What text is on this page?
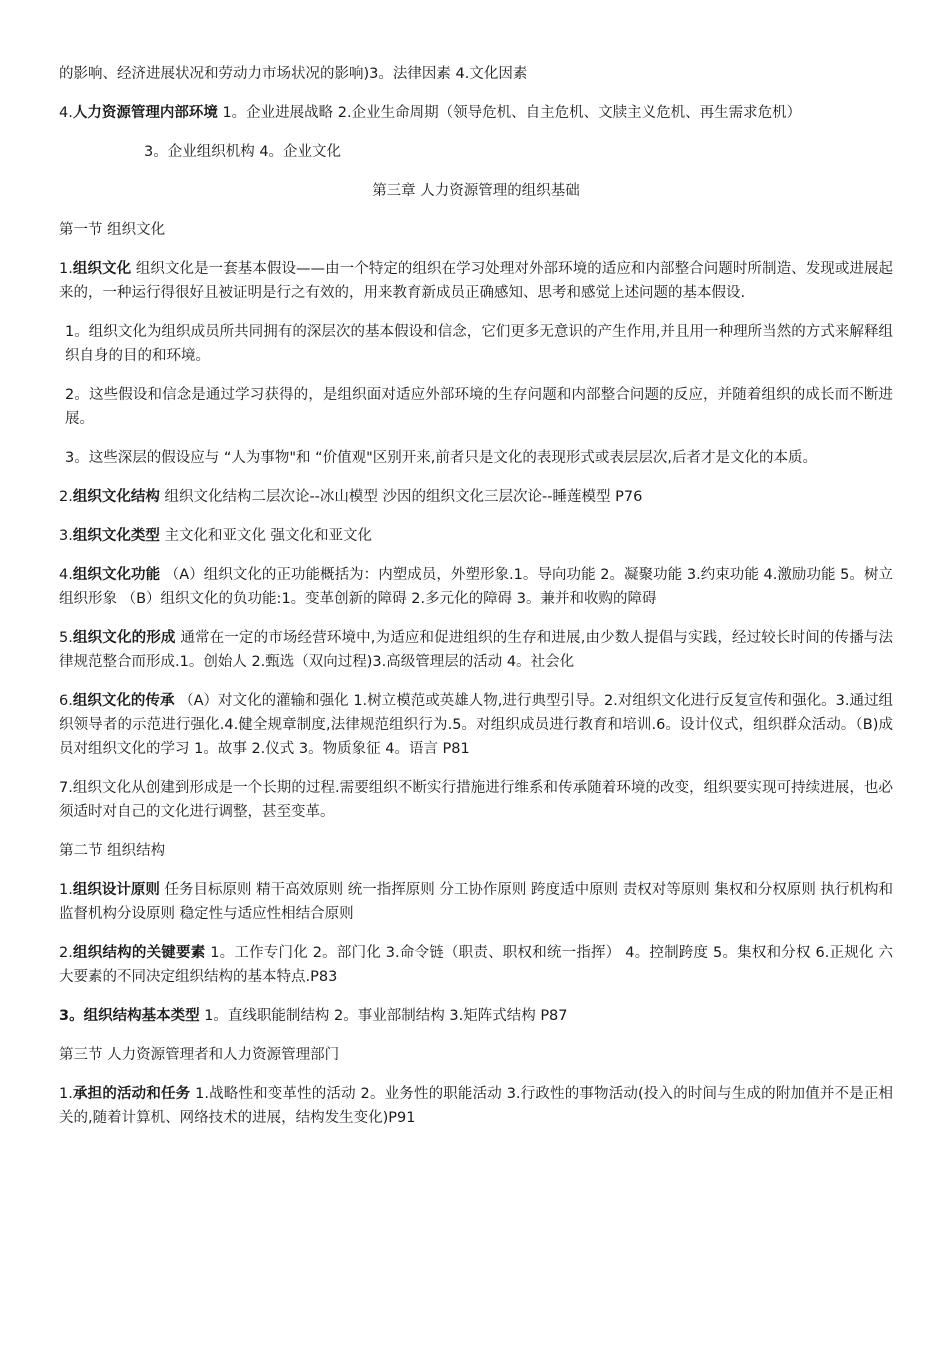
的影响、经济进展状况和劳动力市场状况的影响)3。法律因素 4.文化因素

4.人力资源管理内部环境 1。企业进展战略 2.企业生命周期（领导危机、自主危机、文牍主义危机、再生需求危机）

3。企业组织机构 4。企业文化

第三章 人力资源管理的组织基础

第一节 组织文化

1.组织文化 组织文化是一套基本假设——由一个特定的组织在学习处理对外部环境的适应和内部整合问题时所制造、发现或进展起来的，一种运行得很好且被证明是行之有效的，用来教育新成员正确感知、思考和感觉上述问题的基本假设.

1。组织文化为组织成员所共同拥有的深层次的基本假设和信念，它们更多无意识的产生作用,并且用一种理所当然的方式来解释组织自身的目的和环境。

2。这些假设和信念是通过学习获得的，是组织面对适应外部环境的生存问题和内部整合问题的反应，并随着组织的成长而不断进展。

3。这些深层的假设应与 “人为事物"和 “价值观"区别开来,前者只是文化的表现形式或表层层次,后者才是文化的本质。

2.组织文化结构 组织文化结构二层次论--冰山模型 沙因的组织文化三层次论--睡莲模型 P76

3.组织文化类型 主文化和亚文化 强文化和亚文化

4.组织文化功能 （A）组织文化的正功能概括为：内塑成员，外塑形象.1。导向功能 2。凝聚功能 3.约束功能 4.激励功能 5。树立组织形象 （B）组织文化的负功能:1。变革创新的障碍 2.多元化的障碍 3。兼并和收购的障碍

5.组织文化的形成 通常在一定的市场经营环境中,为适应和促进组织的生存和进展,由少数人提倡与实践，经过较长时间的传播与法律规范整合而形成.1。创始人 2.甄选（双向过程)3.高级管理层的活动 4。社会化

6.组织文化的传承 （A）对文化的灌输和强化 1.树立模范或英雄人物,进行典型引导。2.对组织文化进行反复宣传和强化。3.通过组织领导者的示范进行强化.4.健全规章制度,法律规范组织行为.5。对组织成员进行教育和培训.6。设计仪式，组织群众活动。（B)成员对组织文化的学习 1。故事 2.仪式 3。物质象征 4。语言 P81

7.组织文化从创建到形成是一个长期的过程.需要组织不断实行措施进行维系和传承随着环境的改变，组织要实现可持续进展，也必须适时对自己的文化进行调整，甚至变革。

第二节 组织结构

1.组织设计原则 任务目标原则 精干高效原则 统一指挥原则 分工协作原则 跨度适中原则 责权对等原则 集权和分权原则 执行机构和监督机构分设原则 稳定性与适应性相结合原则

2.组织结构的关键要素 1。工作专门化 2。部门化 3.命令链（职责、职权和统一指挥） 4。控制跨度 5。集权和分权 6.正规化 六大要素的不同决定组织结构的基本特点.P83

3。组织结构基本类型 1。直线职能制结构 2。事业部制结构 3.矩阵式结构 P87

第三节 人力资源管理者和人力资源管理部门

1.承担的活动和任务 1.战略性和变革性的活动 2。业务性的职能活动 3.行政性的事物活动(投入的时间与生成的附加值并不是正相关的,随着计算机、网络技术的进展，结构发生变化)P91
